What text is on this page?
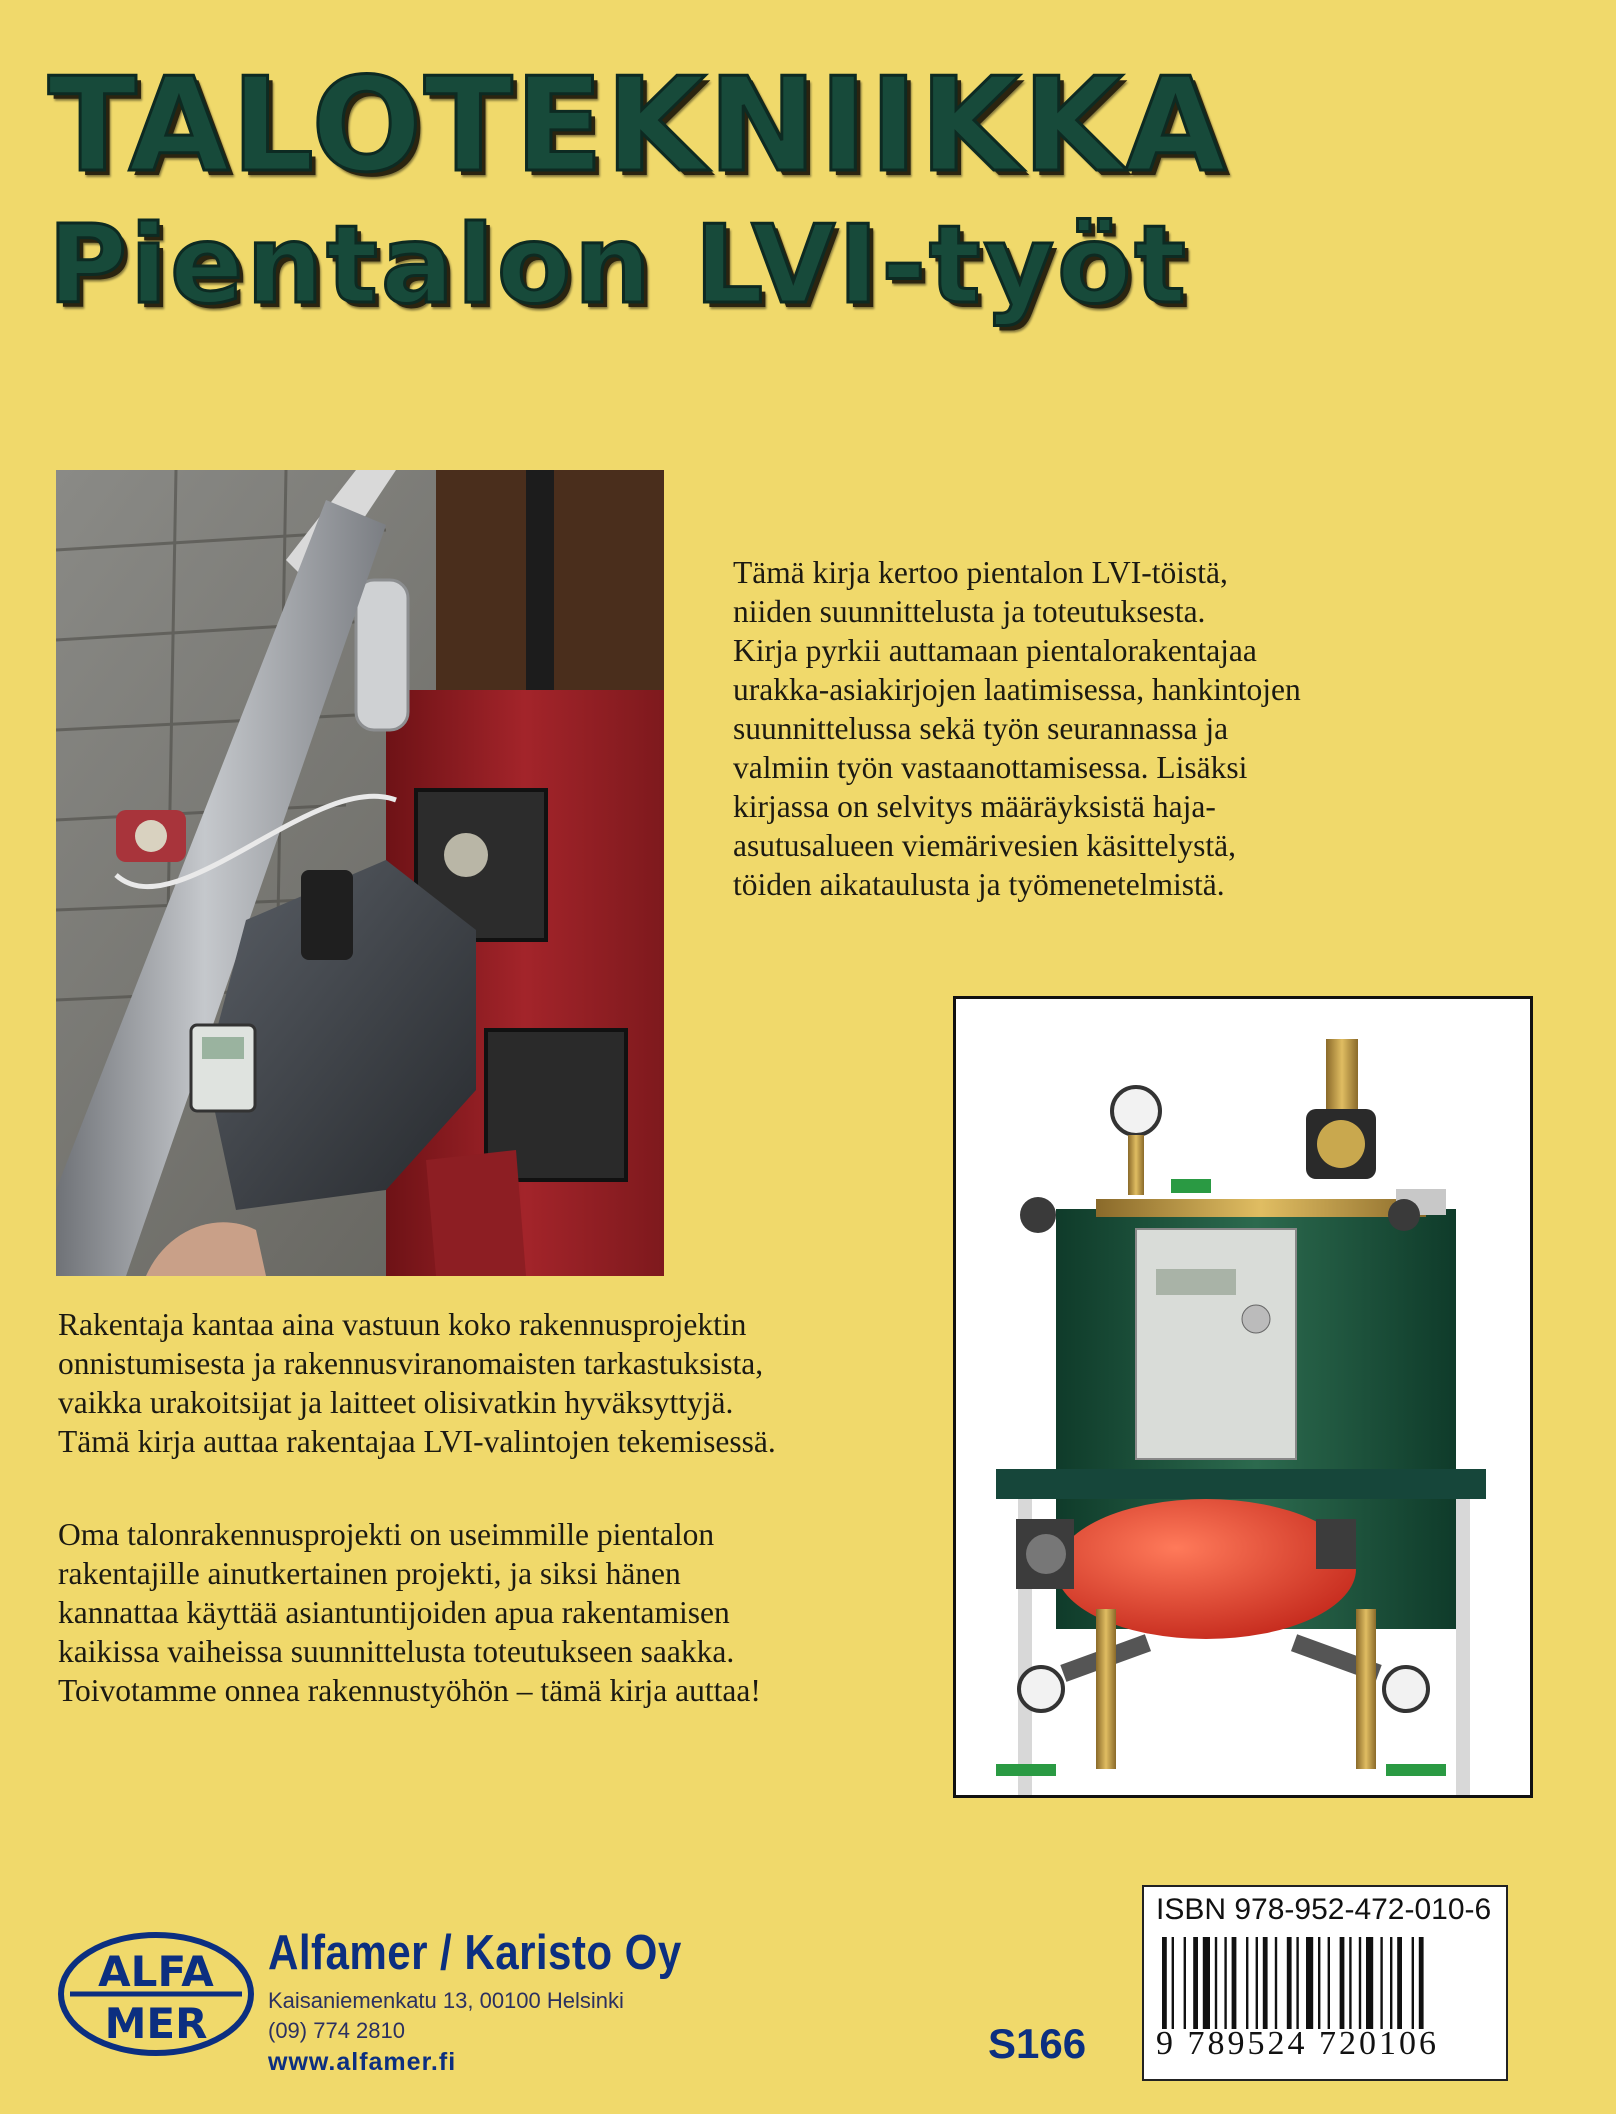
TALOTEKNIIKKA
Pientalon LVI-työt

Tämä kirja kertoo pientalon LVI-töistä,
niiden suunnittelusta ja toteutuksesta.
Kirja pyrkii auttamaan pientalorakentajaa
urakka-asiakirjojen laatimisessa, hankintojen
suunnittelussa sekä työn seurannassa ja
valmiin työn vastaanottamisessa. Lisäksi
kirjassa on selvitys määräyksistä haja-
asutusalueen viemärivesien käsittelystä,
töiden aikataulusta ja työmenetelmistä.

Rakentaja kantaa aina vastuun koko rakennusprojektin
onnistumisesta ja rakennusviranomaisten tarkastuksista,
vaikka urakoitsijat ja laitteet olisivatkin hyväksyttyjä.
Tämä kirja auttaa rakentajaa LVI-valintojen tekemisessä.

Oma talonrakennusprojekti on useimmille pientalon
rakentajille ainutkertainen projekti, ja siksi hänen
kannattaa käyttää asiantuntijoiden apua rakentamisen
kaikissa vaiheissa suunnittelusta toteutukseen saakka.
Toivotamme onnea rakennustyöhön – tämä kirja auttaa!

ALFA
MER

Alfamer / Karisto Oy

Kaisaniemenkatu 13, 00100 Helsinki

(09) 774 2810

www.alfamer.fi	S166

ISBN 978-952-472-010-6

9 789524 720106
